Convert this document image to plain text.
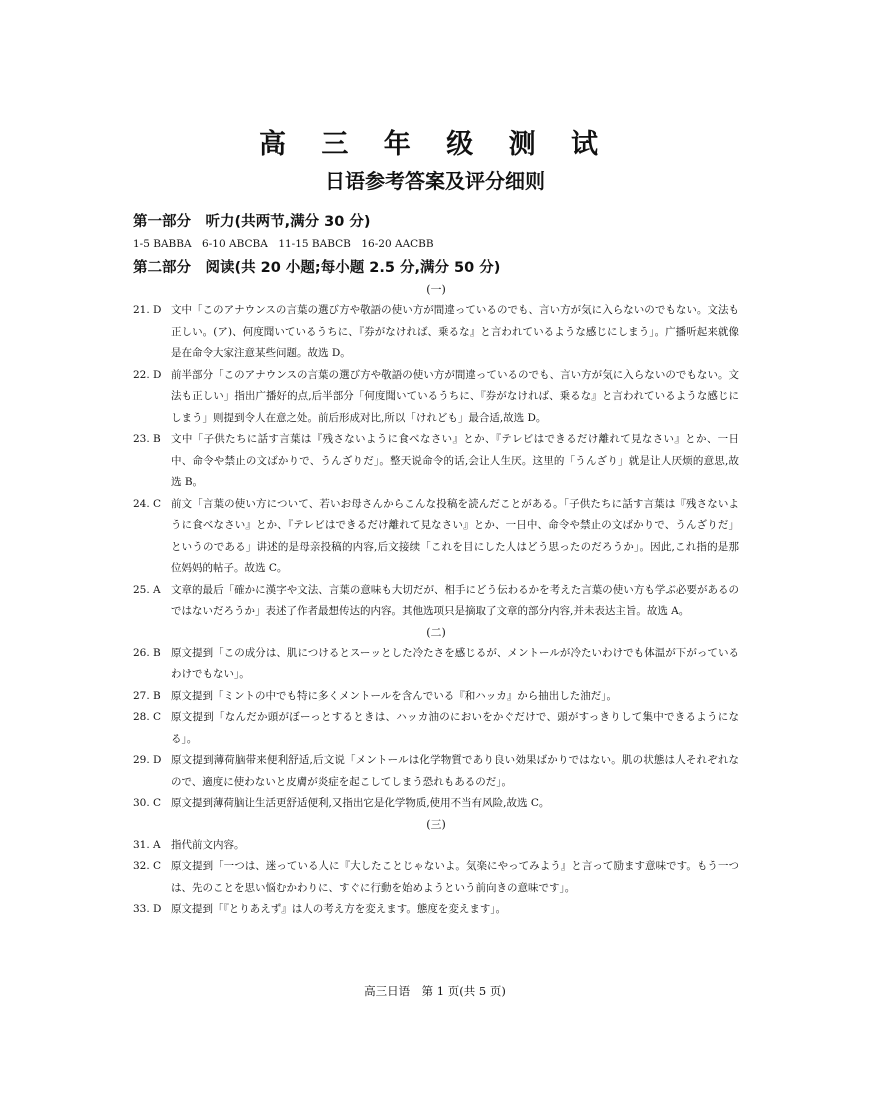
高 三 年 级 测 试
日语参考答案及评分细则

第一部分　听力(共两节,满分 30 分)

1-5 BABBA　6-10 ABCBA　11-15 BABCB　16-20 AACBB

第二部分　阅读(共 20 小题;每小题 2.5 分,满分 50 分)

(一)
21. D 文中「このアナウンスの言葉の選び方や敬語の使い方が間違っているのでも、言い方が気に入らないのでもない。文法も正しい。(ア)、何度聞いているうちに、『券がなければ、乗るな』と言われているような感じにしまう」。广播听起来就像是在命令大家注意某些问题。故选 D。
22. D 前半部分「このアナウンスの言葉の選び方や敬語の使い方が間違っているのでも、言い方が気に入らないのでもない。文法も正しい」指出广播好的点,后半部分「何度聞いているうちに、『券がなければ、乗るな』と言われているような感じにしまう」则提到令人在意之处。前后形成对比,所以「けれども」最合适,故选 D。
23. B 文中「子供たちに話す言葉は『残さないように食べなさい』とか、『テレビはできるだけ離れて見なさい』とか、一日中、命令や禁止の文ばかりで、うんざりだ」。整天说命令的话,会让人生厌。这里的「うんざり」就是让人厌烦的意思,故选 B。
24. C 前文「言葉の使い方について、若いお母さんからこんな投稿を読んだことがある。「子供たちに話す言葉は『残さないように食べなさい』とか、『テレビはできるだけ離れて見なさい』とか、一日中、命令や禁止の文ばかりで、うんざりだ」というのである」讲述的是母亲投稿的内容,后文接续「これを目にした人はどう思ったのだろうか」。因此,これ指的是那位妈妈的帖子。故选 C。
25. A 文章的最后「確かに漢字や文法、言葉の意味も大切だが、相手にどう伝わるかを考えた言葉の使い方も学ぶ必要があるのではないだろうか」表述了作者最想传达的内容。其他选项只是摘取了文章的部分内容,并未表达主旨。故选 A。
(二)
26. B 原文提到「この成分は、肌につけるとスーッとした冷たさを感じるが、メントールが冷たいわけでも体温が下がっているわけでもない」。
27. B 原文提到「ミントの中でも特に多くメントールを含んでいる『和ハッカ』から抽出した油だ」。
28. C 原文提到「なんだか頭がぼーっとするときは、ハッカ油のにおいをかぐだけで、頭がすっきりして集中できるようになる」。
29. D 原文提到薄荷脑带来便利舒适,后文说「メントールは化学物質であり良い効果ばかりではない。肌の状態は人それぞれなので、適度に使わないと皮膚が炎症を起こしてしまう恐れもあるのだ」。
30. C 原文提到薄荷脑让生活更舒适便利,又指出它是化学物质,使用不当有风险,故选 C。
(三)
31. A 指代前文内容。
32. C 原文提到「一つは、迷っている人に『大したことじゃないよ。気楽にやってみよう』と言って励ます意味です。もう一つは、先のことを思い悩むかわりに、すぐに行動を始めようという前向きの意味です」。
33. D 原文提到「『とりあえず』は人の考え方を変えます。態度を変えます」。
高三日语　第 1 页(共 5 页)
